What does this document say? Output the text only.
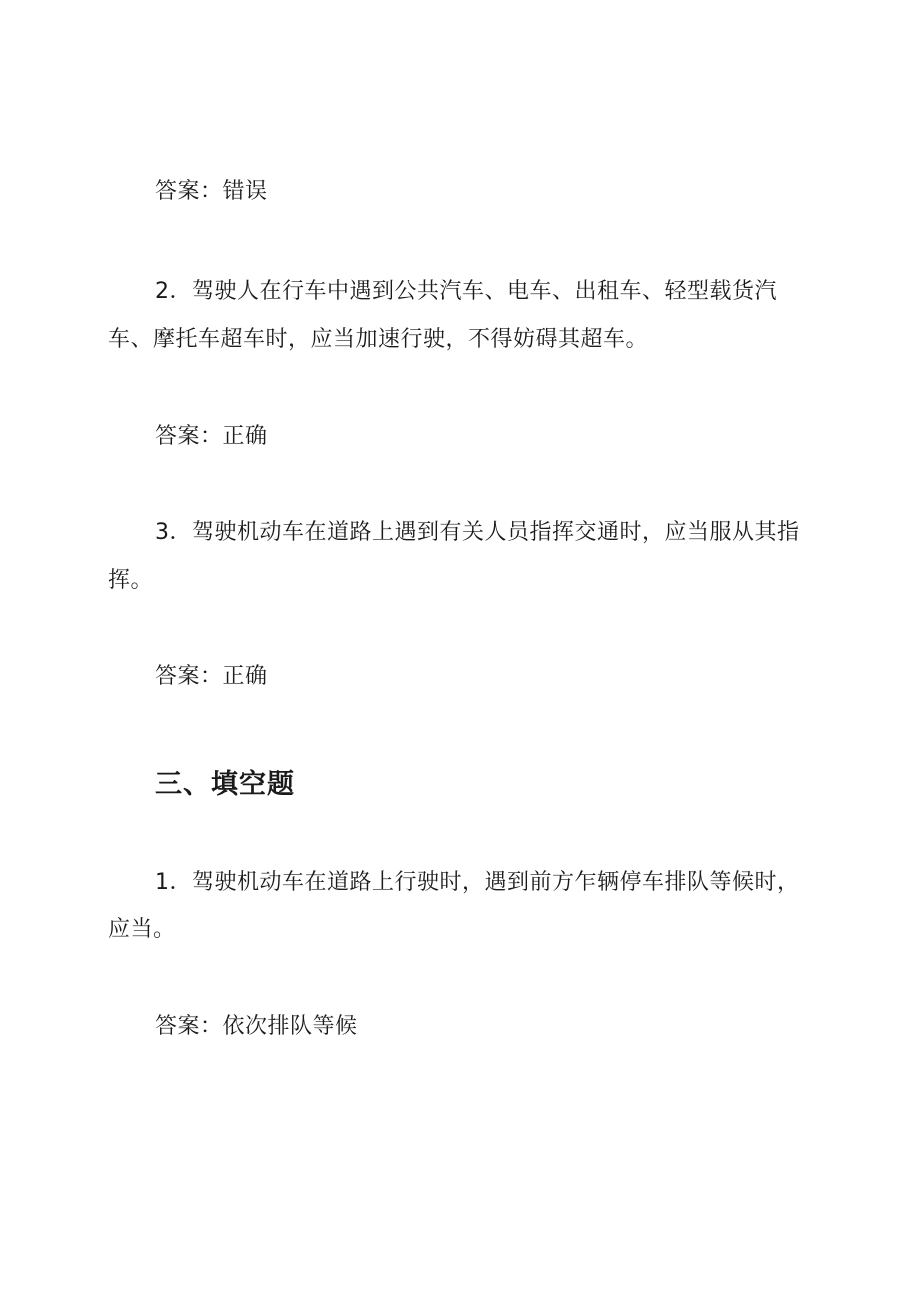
答案：错误
2．驾驶人在行车中遇到公共汽车、电车、出租车、轻型载货汽
车、摩托车超车时，应当加速行驶，不得妨碍其超车。
答案：正确
3．驾驶机动车在道路上遇到有关人员指挥交通时，应当服从其指
挥。
答案：正确
三、填空题
1．驾驶机动车在道路上行驶时，遇到前方乍辆停车排队等候时，
应当。
答案：依次排队等候
